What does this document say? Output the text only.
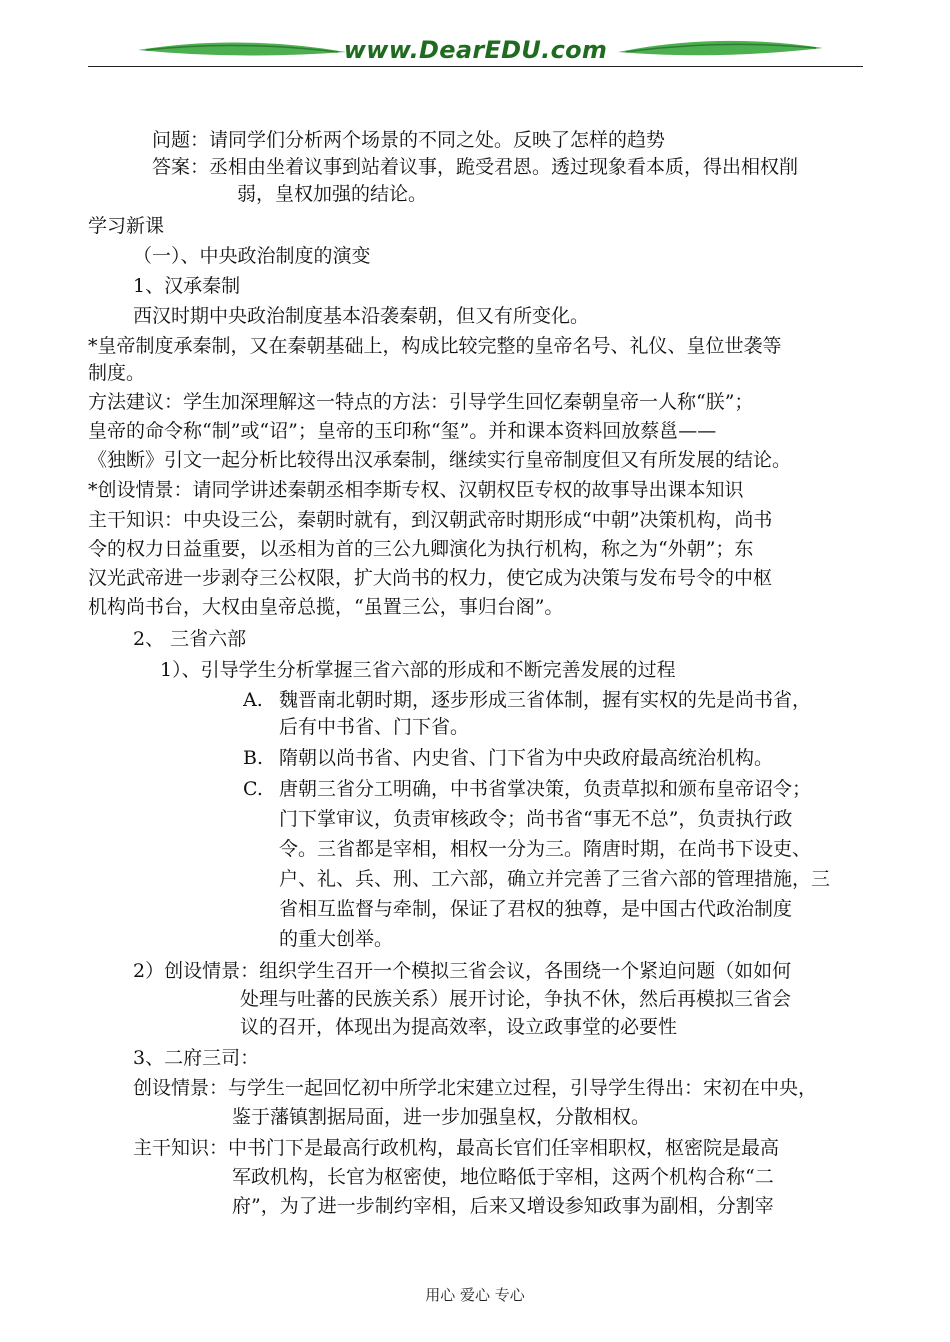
www.DearEDU.com
问题：请同学们分析两个场景的不同之处。反映了怎样的趋势
答案：丞相由坐着议事到站着议事，跪受君恩。透过现象看本质，得出相权削
弱，皇权加强的结论。
学习新课
（一）、中央政治制度的演变
1、汉承秦制
西汉时期中央政治制度基本沿袭秦朝，但又有所变化。
*皇帝制度承秦制，又在秦朝基础上，构成比较完整的皇帝名号、礼仪、皇位世袭等
制度。
方法建议：学生加深理解这一特点的方法：引导学生回忆秦朝皇帝一人称“朕”；
皇帝的命令称“制”或“诏”；皇帝的玉印称“玺”。并和课本资料回放蔡邕——
《独断》引文一起分析比较得出汉承秦制，继续实行皇帝制度但又有所发展的结论。
*创设情景：请同学讲述秦朝丞相李斯专权、汉朝权臣专权的故事导出课本知识
主干知识：中央设三公，秦朝时就有，到汉朝武帝时期形成“中朝”决策机构，尚书
令的权力日益重要，以丞相为首的三公九卿演化为执行机构，称之为“外朝”；东
汉光武帝进一步剥夺三公权限，扩大尚书的权力，使它成为决策与发布号令的中枢
机构尚书台，大权由皇帝总揽，“虽置三公，事归台阁”。
2、 三省六部
1）、引导学生分析掌握三省六部的形成和不断完善发展的过程
A. 魏晋南北朝时期，逐步形成三省体制，握有实权的先是尚书省，
后有中书省、门下省。
B. 隋朝以尚书省、内史省、门下省为中央政府最高统治机构。
C. 唐朝三省分工明确，中书省掌决策，负责草拟和颁布皇帝诏令；
门下掌审议，负责审核政令；尚书省“事无不总”，负责执行政
令。三省都是宰相，相权一分为三。隋唐时期，在尚书下设吏、
户、礼、兵、刑、工六部，确立并完善了三省六部的管理措施，三
省相互监督与牵制，保证了君权的独尊，是中国古代政治制度
的重大创举。
2）创设情景：组织学生召开一个模拟三省会议，各围绕一个紧迫问题（如如何
处理与吐蕃的民族关系）展开讨论，争执不休，然后再模拟三省会
议的召开，体现出为提高效率，设立政事堂的必要性
3、二府三司：
创设情景：与学生一起回忆初中所学北宋建立过程，引导学生得出：宋初在中央，
鉴于藩镇割据局面，进一步加强皇权，分散相权。
主干知识：中书门下是最高行政机构，最高长官们任宰相职权，枢密院是最高
军政机构，长官为枢密使，地位略低于宰相，这两个机构合称“二
府”，为了进一步制约宰相，后来又增设参知政事为副相，分割宰
用心 爱心 专心
